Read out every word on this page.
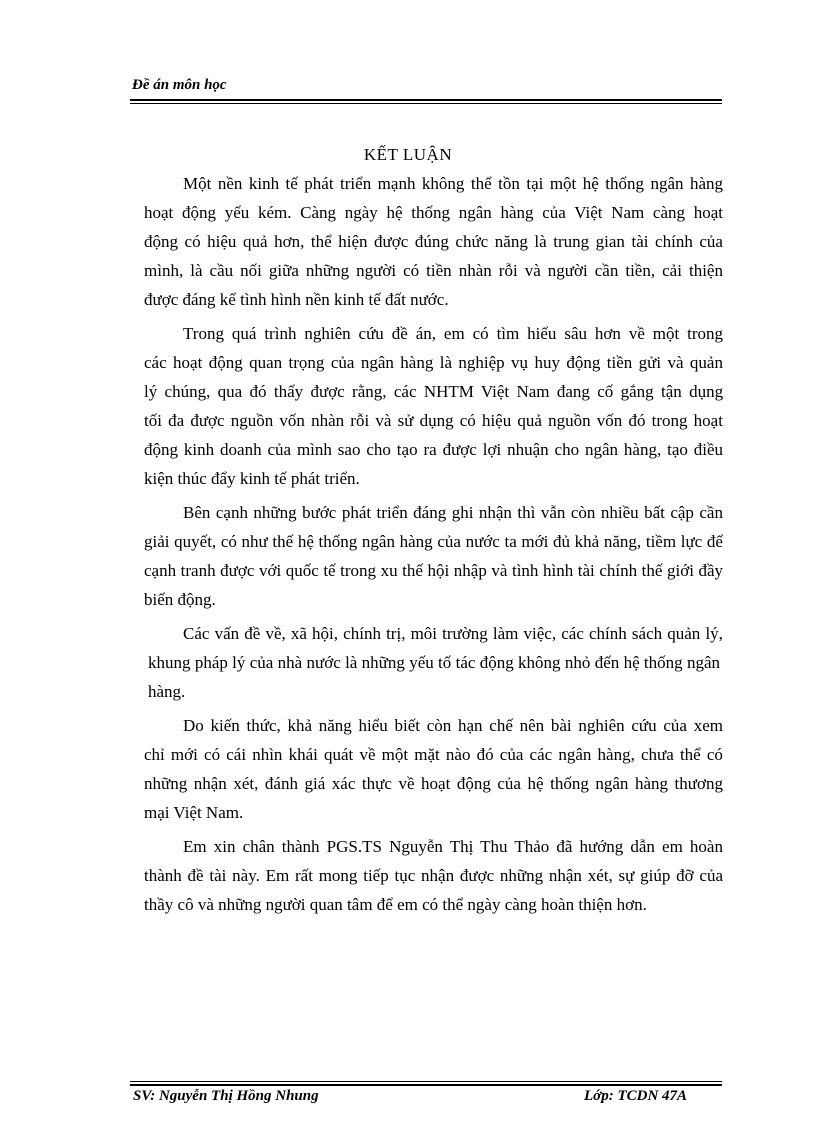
Đề án môn học
KẾT LUẬN
Một nền kinh tế phát triển mạnh không thể tồn tại một hệ thống ngân hàng
hoạt động yếu kém. Càng ngày hệ thống ngân hàng của Việt Nam càng hoạt
động có hiệu quả hơn, thể hiện được đúng chức năng là trung gian tài chính của
mình, là cầu nối giữa những người có tiền nhàn rỗi và người cần tiền, cải thiện
được đáng kể tình hình nền kinh tế đất nước.
Trong quá trình nghiên cứu đề án, em có tìm hiểu sâu hơn về một trong
các hoạt động quan trọng của ngân hàng là nghiệp vụ huy động tiền gửi và quản
lý chúng, qua đó thấy được rằng, các NHTM Việt Nam đang cố gắng tận dụng
tối đa được nguồn vốn nhàn rỗi và sử dụng có hiệu quả nguồn vốn đó trong hoạt
động kinh doanh của mình sao cho tạo ra được lợi nhuận cho ngân hàng, tạo điều
kiện thúc đẩy kinh tế phát triển.
Bên cạnh những bước phát triển đáng ghi nhận thì vẫn còn nhiều bất cập cần
giải quyết, có như thế hệ thống ngân hàng của nước ta mới đủ khả năng, tiềm lực để
cạnh tranh được với quốc tế trong xu thế hội nhập và tình hình tài chính thế giới đầy
biến động.
Các vấn đề về, xã hội, chính trị, môi trường làm việc, các chính sách quản lý,
khung pháp lý của nhà nước là những yếu tố tác động không nhỏ đến hệ thống ngân
hàng.
Do kiến thức, khả năng hiểu biết còn hạn chế nên bài nghiên cứu của xem
chỉ mới có cái nhìn khái quát về một mặt nào đó của các ngân hàng, chưa thể có
những nhận xét, đánh giá xác thực về hoạt động của hệ thống ngân hàng thương
mại Việt Nam.
Em xin chân thành PGS.TS Nguyễn Thị Thu Thảo đã hướng dẫn em hoàn
thành đề tài này. Em rất mong tiếp tục nhận được những nhận xét, sự giúp đỡ của
thầy cô và những người quan tâm để em có thể ngày càng hoàn thiện hơn.
SV: Nguyễn Thị Hồng Nhung	Lớp: TCDN 47A
